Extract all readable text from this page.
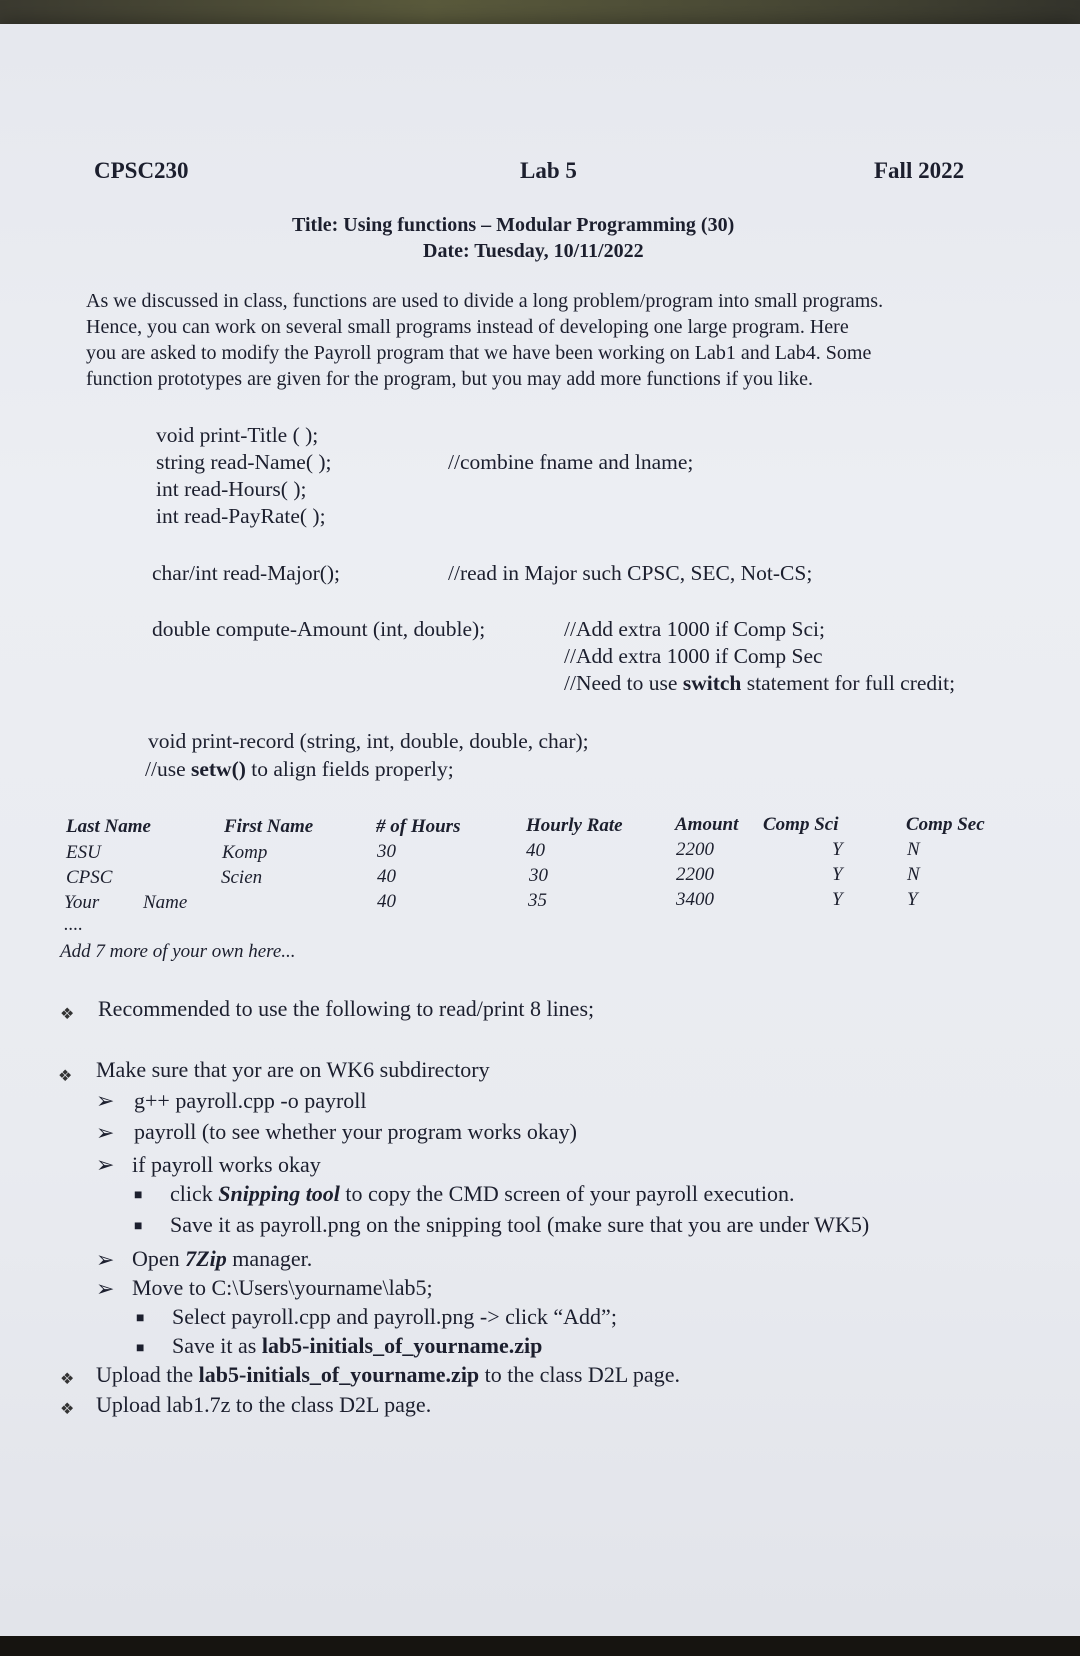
CPSC230	Lab 5	Fall 2022
Title: Using functions – Modular Programming (30)
Date: Tuesday, 10/11/2022
As we discussed in class, functions are used to divide a long problem/program into small programs.
Hence, you can work on several small programs instead of developing one large program. Here
you are asked to modify the Payroll program that we have been working on Lab1 and Lab4. Some
function prototypes are given for the program, but you may add more functions if you like.
void print-Title ( );
string read-Name( );	//combine fname and lname;
int read-Hours( );
int read-PayRate( );
char/int read-Major();	//read in Major such CPSC, SEC, Not-CS;
double compute-Amount (int, double);	//Add extra 1000 if Comp Sci;
//Add extra 1000 if Comp Sec
//Need to use switch statement for full credit;
void print-record (string, int, double, double, char);
//use setw() to align fields properly;
Last Name	First Name	# of Hours	Hourly Rate	Amount Comp Sci	Comp Sec
ESU	Komp	30	40	2200	Y	N
CPSC	Scien	40	30	2200	Y	N
Your Name	40	35	3400	Y	Y
....
Add 7 more of your own here...
❖ Recommended to use the following to read/print 8 lines;
❖ Make sure that yor are on WK6 subdirectory
➢ g++ payroll.cpp -o payroll
➢ payroll (to see whether your program works okay)
➢ if payroll works okay
■ click Snipping tool to copy the CMD screen of your payroll execution.
■ Save it as payroll.png on the snipping tool (make sure that you are under WK5)
➢ Open 7Zip manager.
➢ Move to C:\Users\yourname\lab5;
■ Select payroll.cpp and payroll.png -> click “Add”;
■ Save it as lab5-initials_of_yourname.zip
❖ Upload the lab5-initials_of_yourname.zip to the class D2L page.
❖ Upload lab1.7z to the class D2L page.
